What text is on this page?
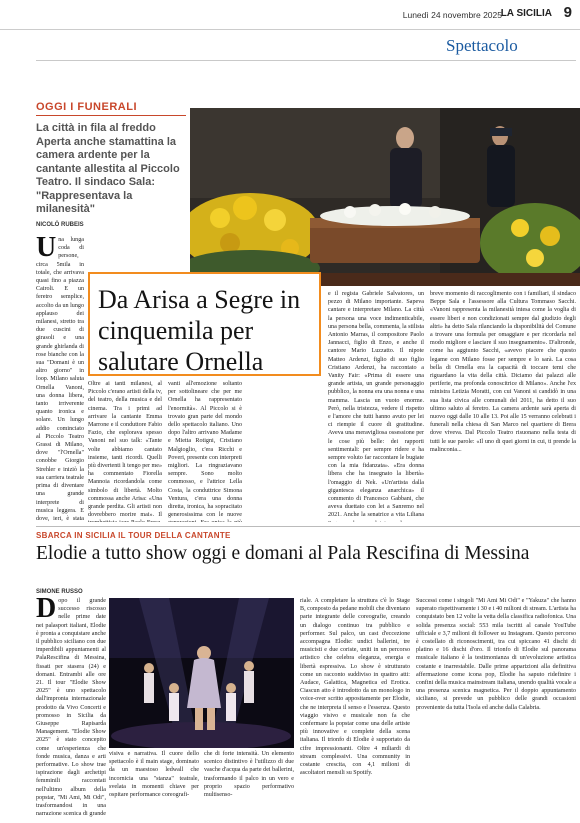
Lunedì 24 novembre 2025
LA SICILIA 9
Spettacolo
OGGI I FUNERALI
La città in fila al freddo Aperta anche stamattina la camera ardente per la cantante allestita al Piccolo Teatro. Il sindaco Sala: "Rappresentava la milanesità"
NICOLÒ RUBEIS
Da Arisa a Segre in cinquemila per salutare Ornella
U na lunga coda di persone, circa 5mila in totale, che arrivava quasi fino a piazza Cairoli. E un feretro semplice, accolto da un lungo applauso dei milanesi, stretto tra due cuscini di girasoli e una grande ghirlanda di rose bianche con la sua "Domani è un altro giorno" in loop. Milano saluta Ornella Vanoni, una donna libera, tanto irriverente quanto ironica e solare. Un lungo addio cominciato al Piccolo Teatro Grassi di Milano, dove "l'Ornella" conobbe Giorgio Strehler e iniziò la sua carriera teatrale prima di diventare una grande interprete di musica leggera. E dove, ieri, è stata
Oltre ai tanti milanesi, al Piccolo c'erano artisti della tv, del teatro, della musica e del cinema. Tra i primi ad arrivare la cantante Emma Marrone e il conduttore Fabio Fazio, che esplorava spesso Vanoni nel suo talk: «Tante volte abbiamo cantato insieme, tanti ricordi. Quelli più divertenti li tengo per me» ha commentato Fiorella Mannoia ricordandola come simbolo di libertà. Molto commossa anche Arisa: «Una grande perdita. Gli artisti non dovrebbero morire mai». Il
vanti all'emozione soltanto per sottolineare che per me Ornella ha rappresentato l'enormità». Al Piccolo si è trovato gran parte del mondo dello spettacolo italiano. Uno dopo l'altro arrivano Madame e Mietta Rotigni, Cristiano Malgioglio, c'era Ricchi e Poveri, presente con interpreti migliori. La ringraziavano sempre. Sono molto commosso, e l'attrice Lella Costa, la conduttrice Simona Ventura, c'era una donna diretta, ironica, ha sopracitato generosissima con le nuove
e il regista Gabriele Salvatores, un pezzo di Milano importante. Sapeva cantare e interpretare Milano. La città la persona una voce indimenticabile, una persona bella, commenta, la stilista Antonio Marras, il compositore Paolo Jannacci, figlio di Enzo, e anche il cantore Mario Luzzatto. Il nipote Matteo Ardenzi, figlio di suo figlio Cristiano Ardenzi, ha raccontato a Vanity Fair: «Prima di essere una grande artista, un grande personaggio pubblico, la nonna era una nonna e una mamma. Lascia un vuoto enorme. Però, nella tristezza, vedere il rispetto e l'amore che tutti hanno avuto per lei ci riempie il cuore di gratitudine. Aveva una meravigliosa ossessione per le cose più belle: dei rapporti sentimentali: per sempre ridere e ha sempre voluto far raccontare le bugiate con la mia fidanzata». «Era donna libera che ha insegnato la libertà» l'omaggio di Nek. «Un'artista dalla gigantesca eleganza anarchica» il commento di Francesco Gabbani, che aveva duettato con lei a Sanremo nel 2021. Anche la senatrice a vita Liliana
breve momento di raccoglimento con i familiari, il sindaco Beppe Sala e l'assessore alla Cultura Tommaso Sacchi. «Vanoni rappresenta la milanesità intesa come la voglia di essere liberi e non condizionati sempre dal giudizio degli altri» ha detto Sala rilanciando la disponibilità del Comune a trovare una formula per omaggiare e per ricordarla nel modo migliore e lasciare il suo insegnamento». D'altronde, come ha aggiunto Sacchi, «avevo piacere che questo legame con Milano fosse per sempre e lo sarà. La cosa bella di Ornella era la capacità di toccare temi che riguardano la vita della città. Diciamo dai palazzi alle periferie, ma profonda conoscitrice di Milano». Anche l'ex ministra Letizia Moratti, con cui Vanoni si candidò in una sua lista civica alle comunali del 2011, ha detto il suo ultimo saluto al feretro. La camera ardente sarà aperta di nuovo oggi dalle 10 alle 13. Poi alle 15 verranno celebrati i funerali nella chiesa di San Marco nel quartiere di Brera dove viveva. Dal Piccolo Teatro risuonano nella testa di tutti le sue parole: «Il uno di quei giorni in cui, ti prende la malinconia...
SBARCA IN SICILIA IL TOUR DELLA CANTANTE
Elodie a tutto show oggi e domani al Pala Rescifina di Messina
SIMONE RUSSO
D opo il grande successo riscosso nelle prime date nei palasport italiani, Elodie è pronta a conquistare anche il pubblico siciliano con due imperdibili appuntamenti al PalaRescifina di Messina, fissati per stasera (24) e domani. Entrambi alle ore 21. Il tour "Elodie Show 2025" è uno spettacolo dall'impronta internazionale prodotto da Vivo Concerti e promosso in Sicilia da Giuseppe Rapisarda Management. "Elodie Show 2025" è stato concepito come un'esperienza che fonde musica, danza e arti performative. Lo show trae ispirazione dagli archetipi femminili raccontati nell'ultimo album della popstar, "Mi Ami, Mi Odi", trasformandosi in una narrazione scenica di grande
visiva e narrativa. Il cuore dello spettacolo è il main stage, dominato da un maestoso ledwall che incornicia una "stanza" teatrale, svelata in momenti chiave per ospitare performance coreografi-
che di forte intensità. Un elemento scenico distintivo è l'utilizzo di due vasche d'acqua da parte dei ballerini, trasformando il palco in un vero e proprio spazio performativo multisenso-
riale. A completare la struttura c'è lo Stage B, composto da pedane mobili che diventano parte integrante delle coreografie, creando un dialogo continuo tra pubblico e performer. Sul palco, un cast d'eccezione accompagna Elodie: undici ballerini, tre musicisti e due coriste, uniti in un percorso artistico che celebra eleganza, energia e libertà espressiva. Lo show è strutturato come un racconto suddiviso in quattro atti: Audace, Galattica, Magnetica ed Erotica. Ciascun atto è introdotto da un monologo in voice-over scritto appositamente per Elodie, che ne interpreta il senso e l'essenza. Questo viaggio visivo e musicale non fa che confermare la popstar come una delle artiste più innovative e complete della scena italiana. Il trionfo di Elodie è supportato da cifre impressionanti. Oltre 4 miliardi di stream complessivi. Una community in costante crescita, con 4,1 milioni di ascoltatori mensili su Spotify.
Successi come i singoli "Mi Ami Mi Odi" e "Yakuza" che hanno superato rispettivamente i 30 e i 40 milioni di stream. L'artista ha conquistato ben 12 volte la vetta della classifica radiofonica. Una solida presenza social: 553 mila iscritti al canale YouTube ufficiale e 3,7 milioni di follower su Instagram. Questo percorso è costellato di riconoscimenti, tra cui spiccano 41 dischi di platino e 16 dischi d'oro. Il trionfo di Elodie sul panorama musicale italiano è la testimonianza di un'evoluzione artistica costante e inarrestabile. Dalle prime apparizioni alla definitiva affermazione come icona pop, Elodie ha saputo ridefinire i confini della musica mainstream italiana, unendo qualità vocale a una presenza scenica magnetica. Per il doppio appuntamento siciliano, si prevede un pubblico delle grandi occasioni proveniente da tutta l'Isola ed anche dalla Calabria.
